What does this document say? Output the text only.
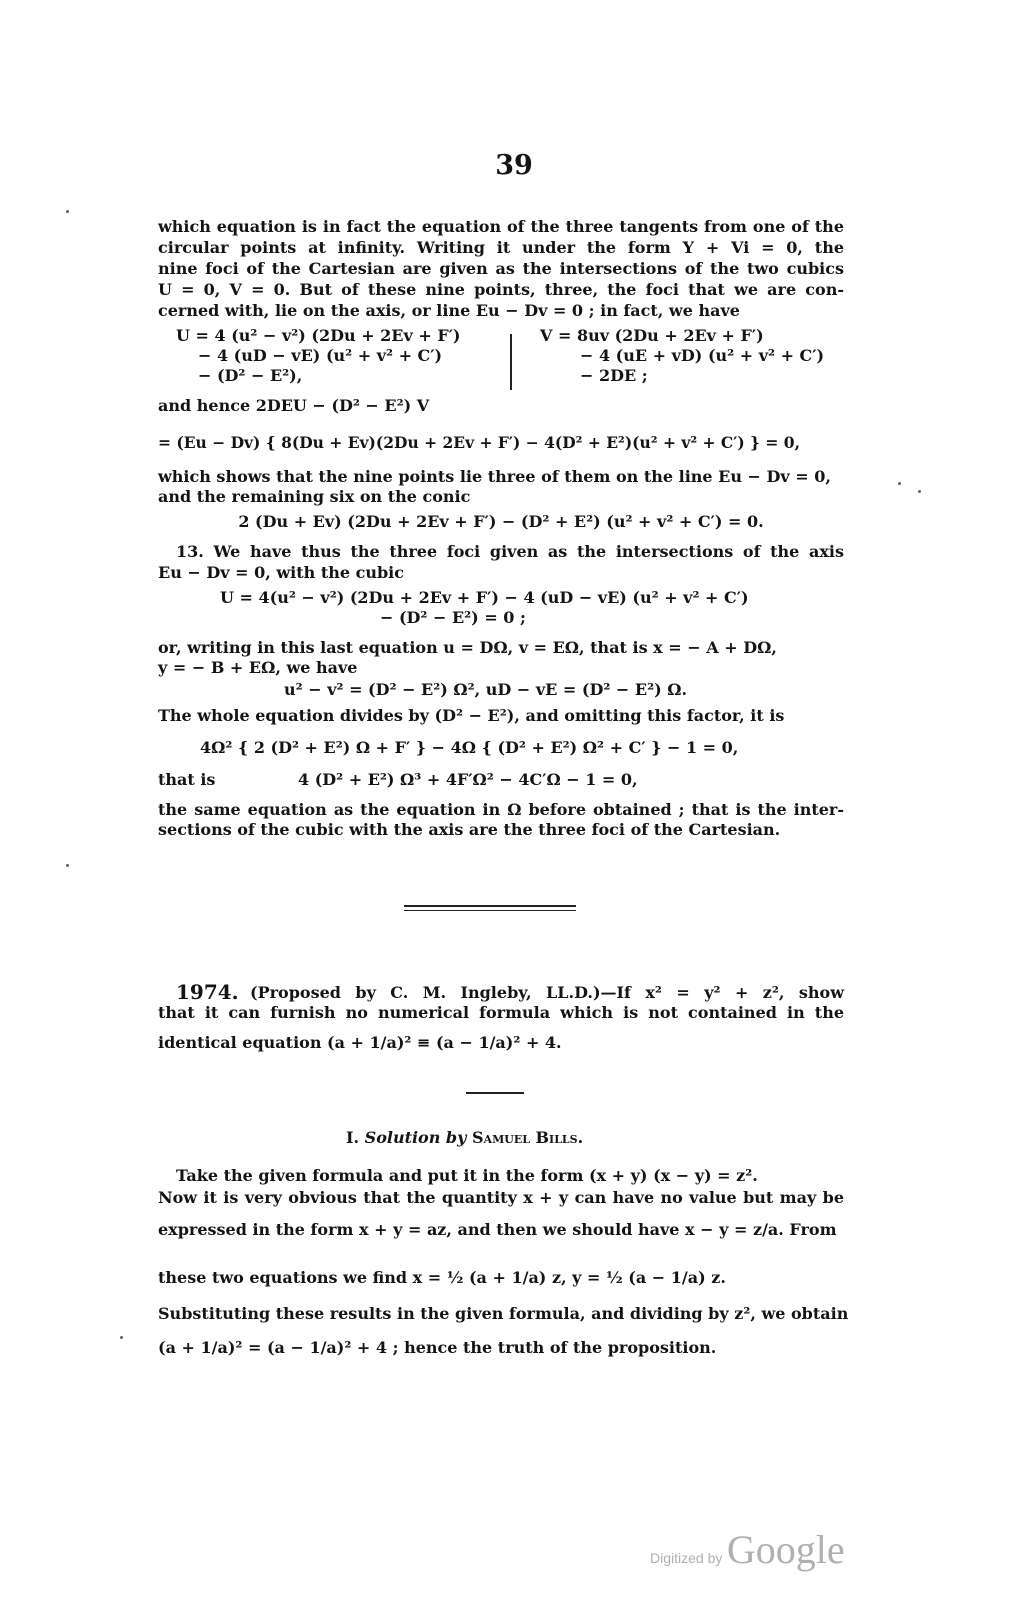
39
which equation is in fact the equation of the three tangents from one of the
circular points at infinity. Writing it under the form Y + Vi = 0, the
nine foci of the Cartesian are given as the intersections of the two cubics
U = 0, V = 0. But of these nine points, three, the foci that we are con-
cerned with, lie on the axis, or line Eu − Dv = 0 ; in fact, we have
U = 4 (u² − v²) (2Du + 2Ev + F′)
− 4 (uD − vE) (u² + v² + C′)
− (D² − E²),
V = 8uv (2Du + 2Ev + F′)
− 4 (uE + vD) (u² + v² + C′)
− 2DE ;
and hence 2DEU − (D² − E²) V
= (Eu − Dv) { 8(Du + Ev)(2Du + 2Ev + F′) − 4(D² + E²)(u² + v² + C′) } = 0,
which shows that the nine points lie three of them on the line Eu − Dv = 0,
and the remaining six on the conic
2 (Du + Ev) (2Du + 2Ev + F′) − (D² + E²) (u² + v² + C′) = 0.
13. We have thus the three foci given as the intersections of the axis
Eu − Dv = 0, with the cubic
U = 4(u² − v²) (2Du + 2Ev + F′) − 4 (uD − vE) (u² + v² + C′)
− (D² − E²) = 0 ;
or, writing in this last equation u = DΩ, v = EΩ, that is x = − A + DΩ,
y = − B + EΩ, we have
u² − v² = (D² − E²) Ω², uD − vE = (D² − E²) Ω.
The whole equation divides by (D² − E²), and omitting this factor, it is
4Ω² { 2 (D² + E²) Ω + F′ } − 4Ω { (D² + E²) Ω² + C′ } − 1 = 0,
that is	4 (D² + E²) Ω³ + 4F′Ω² − 4C′Ω − 1 = 0,
the same equation as the equation in Ω before obtained ; that is the inter-
sections of the cubic with the axis are the three foci of the Cartesian.
1974. (Proposed by C. M. Ingleby, LL.D.)—If x² = y² + z², show
that it can furnish no numerical formula which is not contained in the
identical equation (a + 1/a)² ≡ (a − 1/a)² + 4.
I. Solution by Samuel Bills.
Take the given formula and put it in the form (x + y) (x − y) = z².
Now it is very obvious that the quantity x + y can have no value but may be
expressed in the form x + y = az, and then we should have x − y = z/a. From
these two equations we find x = ½ (a + 1/a) z, y = ½ (a − 1/a) z.
Substituting these results in the given formula, and dividing by z², we obtain
(a + 1/a)² = (a − 1/a)² + 4 ; hence the truth of the proposition.
Digitized by Google
